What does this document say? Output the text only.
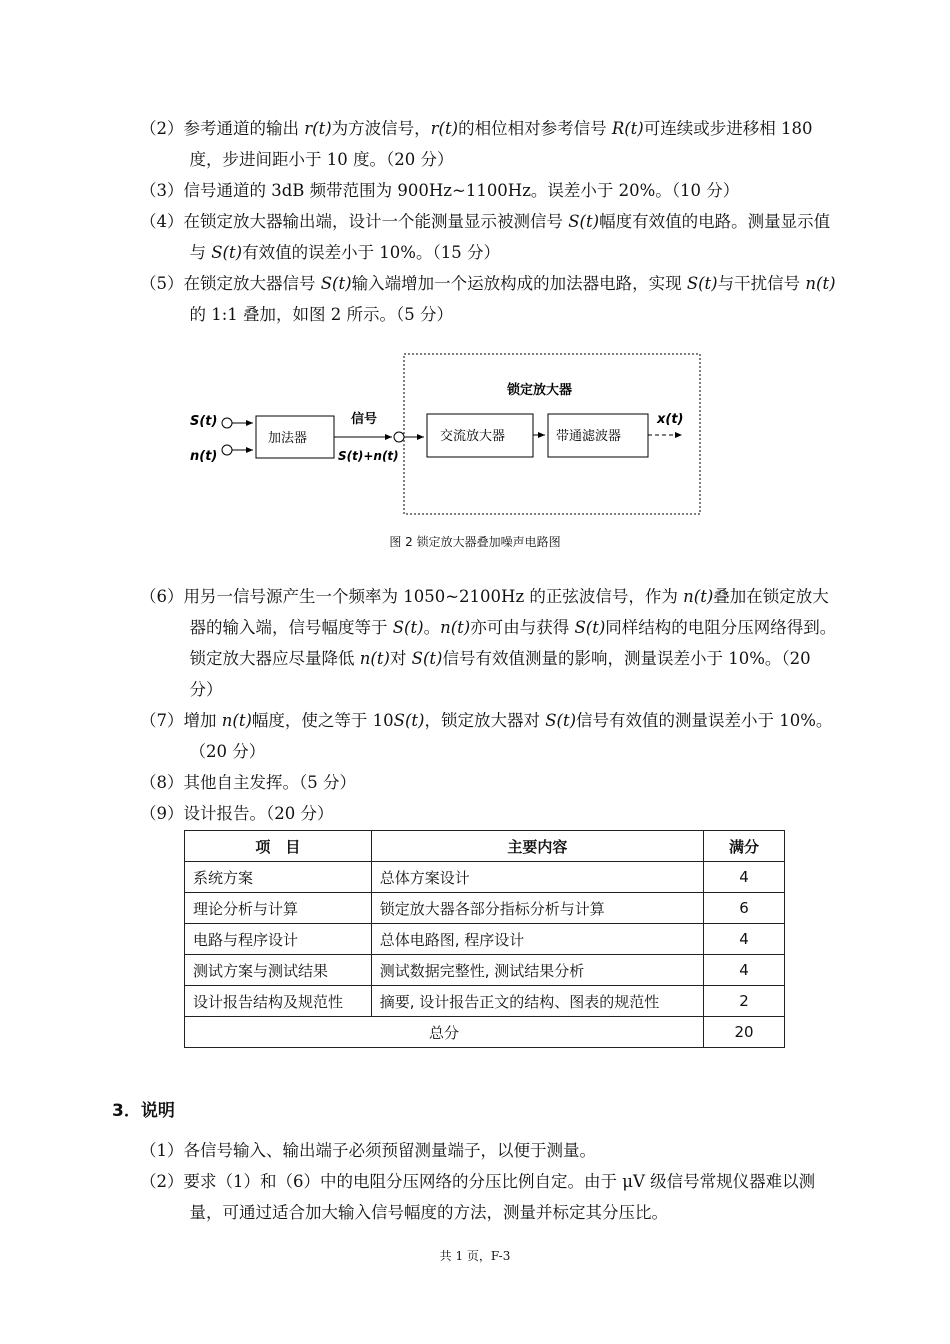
（2）参考通道的输出 r(t)为方波信号，r(t)的相位相对参考信号 R(t)可连续或步进移相 180 度，步进间距小于 10 度。（20 分）

（3）信号通道的 3dB 频带范围为 900Hz~1100Hz。误差小于 20%。（10 分）

（4）在锁定放大器输出端，设计一个能测量显示被测信号 S(t)幅度有效值的电路。测量显示值与 S(t)有效值的误差小于 10%。（15 分）

（5）在锁定放大器信号 S(t)输入端增加一个运放构成的加法器电路，实现 S(t)与干扰信号 n(t)的 1:1 叠加，如图 2 所示。（5 分）

锁定放大器
S(t)
n(t)
加法器
信号
S(t)+n(t)
交流放大器	带通滤波器
x(t)
图 2 锁定放大器叠加噪声电路图

（6）用另一信号源产生一个频率为 1050~2100Hz 的正弦波信号，作为 n(t)叠加在锁定放大器的输入端，信号幅度等于 S(t)。n(t)亦可由与获得 S(t)同样结构的电阻分压网络得到。锁定放大器应尽量降低 n(t)对 S(t)信号有效值测量的影响，测量误差小于 10%。（20 分）

（7）增加 n(t)幅度，使之等于 10S(t)，锁定放大器对 S(t)信号有效值的测量误差小于 10%。（20 分）

（8）其他自主发挥。（5 分）

（9）设计报告。（20 分）

项　目	主要内容	满分
系统方案	总体方案设计	4
理论分析与计算	锁定放大器各部分指标分析与计算	6
电路与程序设计	总体电路图, 程序设计	4
测试方案与测试结果	测试数据完整性, 测试结果分析	4
设计报告结构及规范性	摘要, 设计报告正文的结构、图表的规范性	2
总分		20
3．说明

（1）各信号输入、输出端子必须预留测量端子，以便于测量。

（2）要求（1）和（6）中的电阻分压网络的分压比例自定。由于 μV 级信号常规仪器难以测量，可通过适合加大输入信号幅度的方法，测量并标定其分压比。

共 1 页，F-3
